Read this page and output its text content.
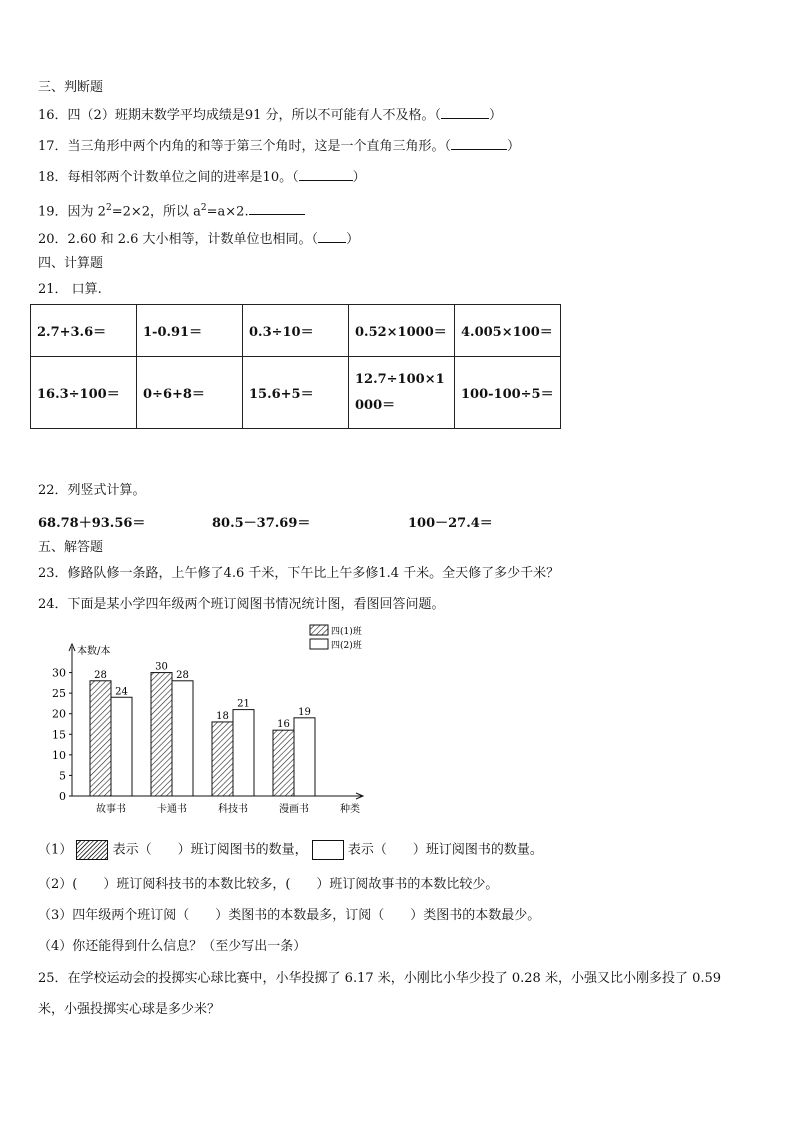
三、判断题
16．四（2）班期末数学平均成绩是91 分，所以不可能有人不及格。（	）
17．当三角形中两个内角的和等于第三个角时，这是一个直角三角形。（	）
18．每相邻两个计数单位之间的进率是10。（	）
19．因为 $2^2=2\times 2$，所以 $a^2=a\times 2$.
20．2.60 和 2.6 大小相等，计数单位也相同。（ ）
四、计算题
21． 口算.
2.7+3.6＝	1-0.91＝	0.3÷10＝	0.52×1000＝	4.005×100＝
16.3÷100＝	0÷6+8＝	15.6+5＝	12.7÷100×1000＝	100-100÷5＝
22．列竖式计算。
68.78＋93.56＝	80.5－37.69＝	100－27.4＝
五、解答题
23．修路队修一条路，上午修了4.6 千米，下午比上午多修1.4 千米。全天修了多少千米？
24．下面是某小学四年级两个班订阅图书情况统计图，看图回答问题。
本数/本
种类
四(1)班
四(2)班
0
5
10
15
20
25
30	28
24
故事书
30
28
卡通书
18
21
科技书
16
19
漫画书
（1）	表示（　　）班订阅图书的数量，	表示（　　）班订阅图书的数量。
（2）(　　）班订阅科技书的本数比较多，(　　）班订阅故事书的本数比较少。
（3）四年级两个班订阅（　　）类图书的本数最多，订阅（　　）类图书的本数最少。
（4）你还能得到什么信息？（至少写出一条）
25．在学校运动会的投掷实心球比赛中，小华投掷了 6.17 米，小刚比小华少投了 0.28 米，小强又比小刚多投了 0.59
米，小强投掷实心球是多少米？
